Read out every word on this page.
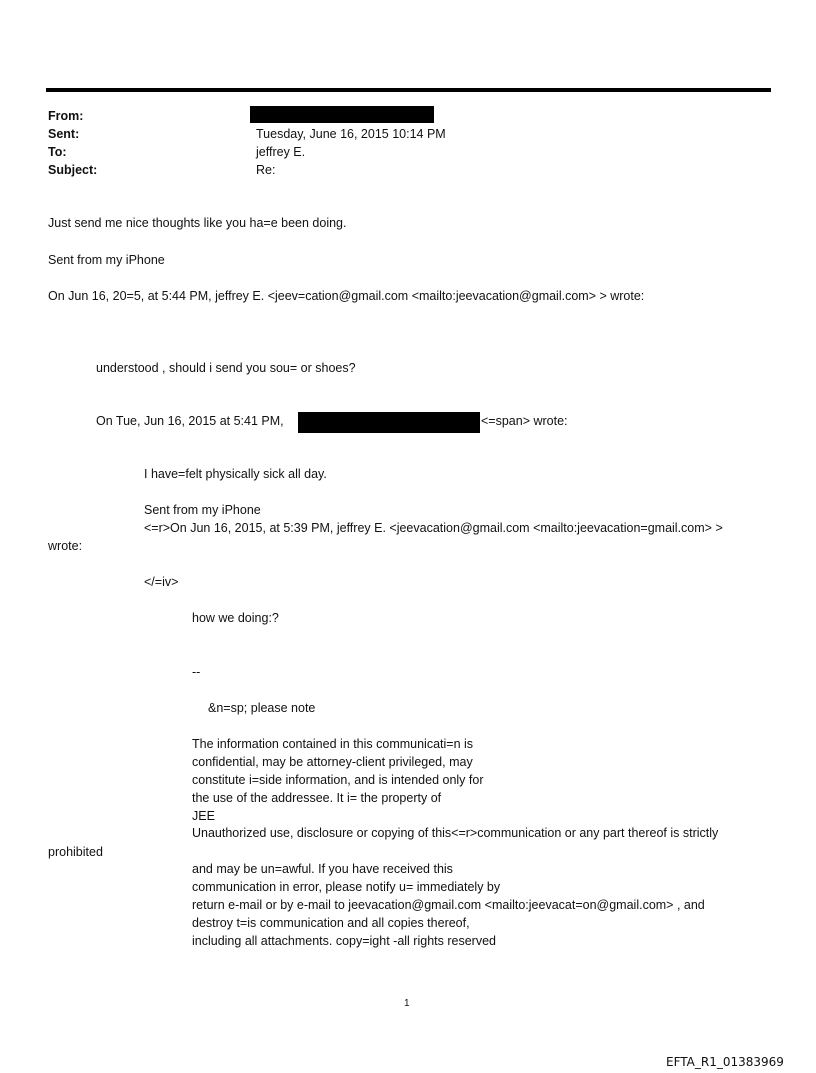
From:
Sent:	Tuesday, June 16, 2015 10:14 PM
To:	jeffrey E.
Subject:	Re:
Just send me nice thoughts like you ha=e been doing.
Sent from my iPhone
On Jun 16, 20=5, at 5:44 PM, jeffrey E. <jeev=cation@gmail.com <mailto:jeevacation@gmail.com> > wrote:
understood , should i send you sou= or shoes?
On Tue, Jun 16, 2015 at 5:41 PM,	<=span> wrote:
I have=felt physically sick all day.
Sent from my iPhone
<=r>On Jun 16, 2015, at 5:39 PM, jeffrey E. <jeevacation@gmail.com <mailto:jeevacation=gmail.com> >
wrote:
</=iv>
how we doing:?
--
&n=sp; please note
The information contained in this communicati=n is
confidential, may be attorney-client privileged, may
constitute i=side information, and is intended only for
the use of the addressee. It i= the property of
JEE
Unauthorized use, disclosure or copying of this<=r>communication or any part thereof is strictly
prohibited
and may be un=awful. If you have received this
communication in error, please notify u= immediately by
return e-mail or by e-mail to jeevacation@gmail.com <mailto:jeevacat=on@gmail.com> , and
destroy t=is communication and all copies thereof,
including all attachments. copy=ight -all rights reserved
1
EFTA_R1_01383969
